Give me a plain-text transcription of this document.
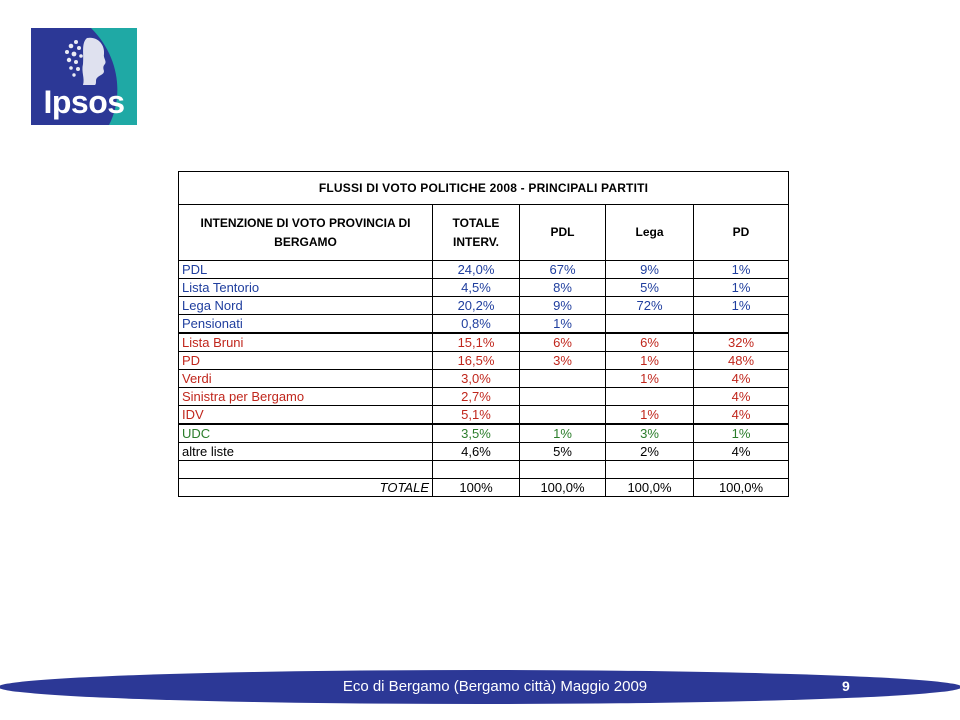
Ipsos
FLUSSI DI VOTO POLITICHE 2008 - PRINCIPALI PARTITI				
INTENZIONE DI VOTO PROVINCIA DI BERGAMO	TOTALE INTERV.	PDL	Lega	PD
PDL	24,0%	67%	9%	1%
Lista Tentorio	4,5%	8%	5%	1%
Lega Nord	20,2%	9%	72%	1%
Pensionati	0,8%	1%		
Lista Bruni	15,1%	6%	6%	32%
PD	16,5%	3%	1%	48%
Verdi	3,0%		1%	4%
Sinistra per Bergamo	2,7%			4%
IDV	5,1%		1%	4%
UDC	3,5%	1%	3%	1%
altre liste	4,6%	5%	2%	4%

TOTALE	100%	100,0%	100,0%	100,0%
Eco di Bergamo (Bergamo città) Maggio 2009	9
